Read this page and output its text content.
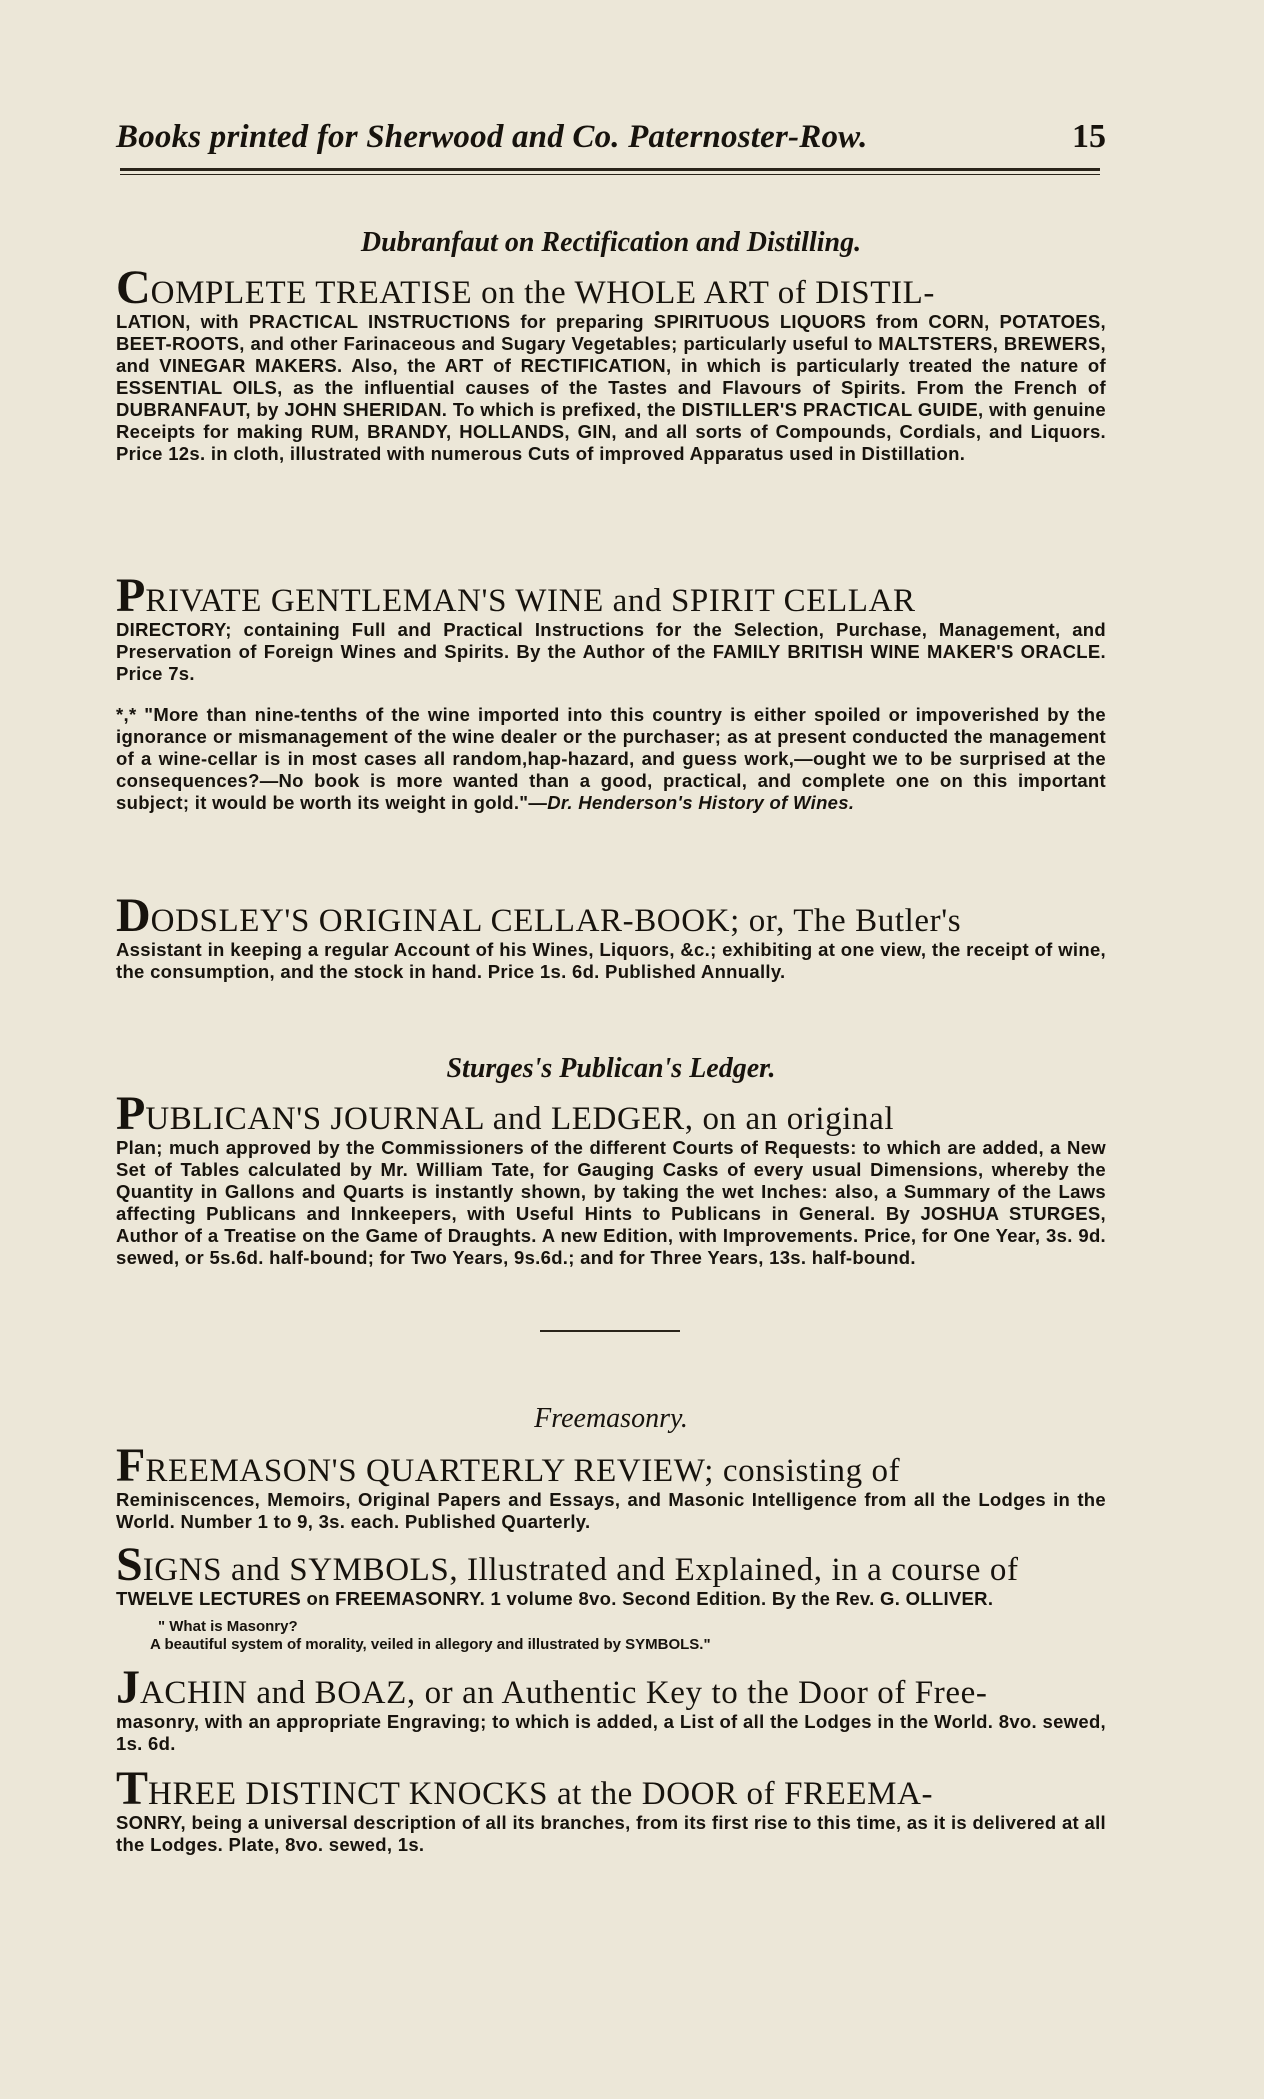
Books printed for Sherwood and Co. Paternoster-Row.	15

Dubranfaut on Rectification and Distilling.

COMPLETE TREATISE on the WHOLE ART of DISTIL-

LATION, with PRACTICAL INSTRUCTIONS for preparing SPIRITUOUS LIQUORS from CORN, POTATOES, BEET-ROOTS, and other Farinaceous and Sugary Vegetables; particularly useful to MALTSTERS, BREWERS, and VINEGAR MAKERS. Also, the ART of RECTIFICATION, in which is particularly treated the nature of ESSENTIAL OILS, as the influential causes of the Tastes and Flavours of Spirits. From the French of DUBRANFAUT, by JOHN SHERIDAN. To which is prefixed, the DISTILLER'S PRACTICAL GUIDE, with genuine Receipts for making RUM, BRANDY, HOLLANDS, GIN, and all sorts of Compounds, Cordials, and Liquors. Price 12s. in cloth, illustrated with numerous Cuts of improved Apparatus used in Distillation.

PRIVATE GENTLEMAN'S WINE and SPIRIT CELLAR

DIRECTORY; containing Full and Practical Instructions for the Selection, Purchase, Management, and Preservation of Foreign Wines and Spirits. By the Author of the FAMILY BRITISH WINE MAKER'S ORACLE. Price 7s.

*,* "More than nine-tenths of the wine imported into this country is either spoiled or impoverished by the ignorance or mismanagement of the wine dealer or the purchaser; as at present conducted the management of a wine-cellar is in most cases all random,hap-hazard, and guess work,—ought we to be surprised at the consequences?—No book is more wanted than a good, practical, and complete one on this important subject; it would be worth its weight in gold."—Dr. Henderson's History of Wines.

DODSLEY'S ORIGINAL CELLAR-BOOK; or, The Butler's

Assistant in keeping a regular Account of his Wines, Liquors, &c.; exhibiting at one view, the receipt of wine, the consumption, and the stock in hand. Price 1s. 6d. Published Annually.

Sturges's Publican's Ledger.

PUBLICAN'S JOURNAL and LEDGER, on an original

Plan; much approved by the Commissioners of the different Courts of Requests: to which are added, a New Set of Tables calculated by Mr. William Tate, for Gauging Casks of every usual Dimensions, whereby the Quantity in Gallons and Quarts is instantly shown, by taking the wet Inches: also, a Summary of the Laws affecting Publicans and Innkeepers, with Useful Hints to Publicans in General. By JOSHUA STURGES, Author of a Treatise on the Game of Draughts. A new Edition, with Improvements. Price, for One Year, 3s. 9d. sewed, or 5s.6d. half-bound; for Two Years, 9s.6d.; and for Three Years, 13s. half-bound.

Freemasonry.

FREEMASON'S QUARTERLY REVIEW; consisting of

Reminiscences, Memoirs, Original Papers and Essays, and Masonic Intelligence from all the Lodges in the World. Number 1 to 9, 3s. each. Published Quarterly.

SIGNS and SYMBOLS, Illustrated and Explained, in a course of

TWELVE LECTURES on FREEMASONRY. 1 volume 8vo. Second Edition. By the Rev. G. OLLIVER.

" What is Masonry?

A beautiful system of morality, veiled in allegory and illustrated by SYMBOLS."

JACHIN and BOAZ, or an Authentic Key to the Door of Free-

masonry, with an appropriate Engraving; to which is added, a List of all the Lodges in the World. 8vo. sewed, 1s. 6d.

THREE DISTINCT KNOCKS at the DOOR of FREEMA-

SONRY, being a universal description of all its branches, from its first rise to this time, as it is delivered at all the Lodges. Plate, 8vo. sewed, 1s.
